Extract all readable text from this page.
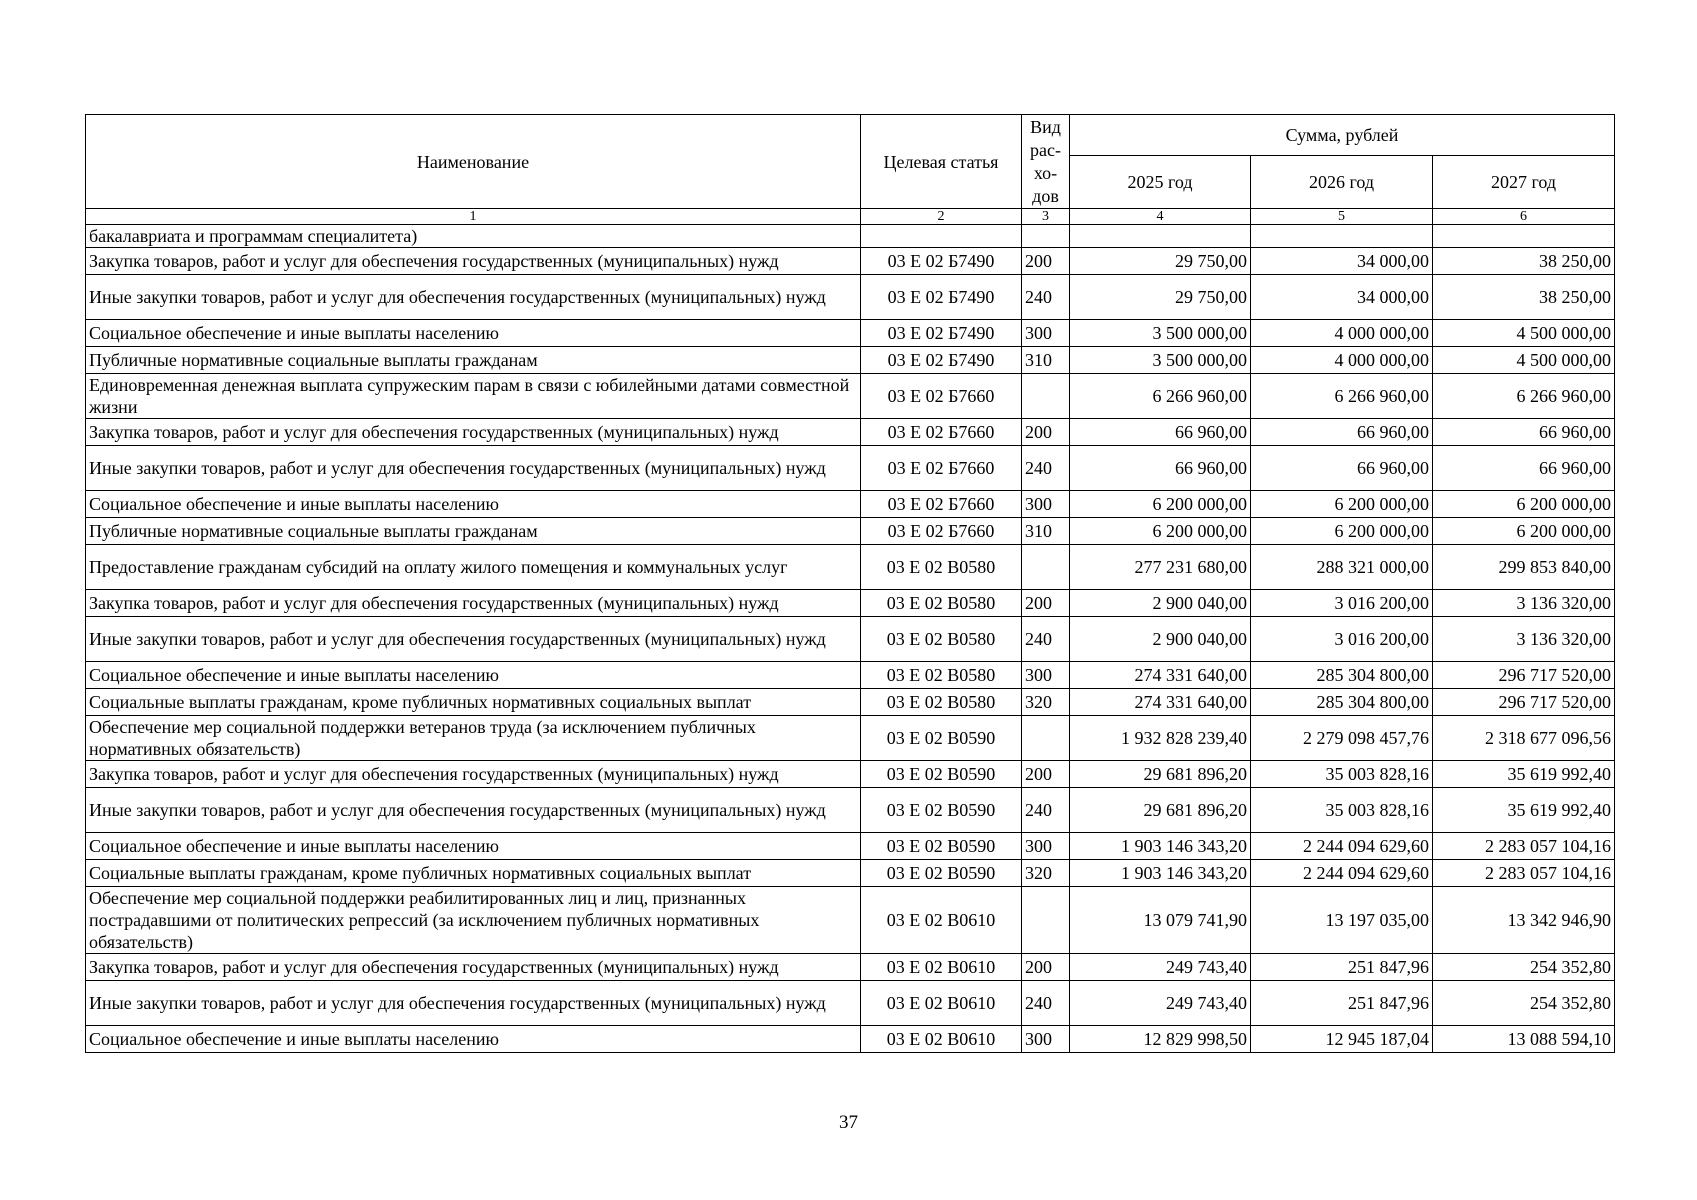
Наименование	Целевая статья	Вид рас- хо- дов	Сумма, рублей		
			2025 год	2026 год	2027 год
1	2	3	4	5	6
бакалавриата и программам специалитета)					
Закупка товаров, работ и услуг для обеспечения государственных (муниципальных) нужд	03 Е 02 Б7490	200	29 750,00	34 000,00	38 250,00
Иные закупки товаров, работ и услуг для обеспечения государственных (муниципальных) нужд	03 Е 02 Б7490	240	29 750,00	34 000,00	38 250,00
Социальное обеспечение и иные выплаты населению	03 Е 02 Б7490	300	3 500 000,00	4 000 000,00	4 500 000,00
Публичные нормативные социальные выплаты гражданам	03 Е 02 Б7490	310	3 500 000,00	4 000 000,00	4 500 000,00
Единовременная денежная выплата супружеским парам в связи с юбилейными датами совместной жизни	03 Е 02 Б7660		6 266 960,00	6 266 960,00	6 266 960,00
Закупка товаров, работ и услуг для обеспечения государственных (муниципальных) нужд	03 Е 02 Б7660	200	66 960,00	66 960,00	66 960,00
Иные закупки товаров, работ и услуг для обеспечения государственных (муниципальных) нужд	03 Е 02 Б7660	240	66 960,00	66 960,00	66 960,00
Социальное обеспечение и иные выплаты населению	03 Е 02 Б7660	300	6 200 000,00	6 200 000,00	6 200 000,00
Публичные нормативные социальные выплаты гражданам	03 Е 02 Б7660	310	6 200 000,00	6 200 000,00	6 200 000,00
Предоставление гражданам субсидий на оплату жилого помещения и коммунальных услуг	03 Е 02 В0580		277 231 680,00	288 321 000,00	299 853 840,00
Закупка товаров, работ и услуг для обеспечения государственных (муниципальных) нужд	03 Е 02 В0580	200	2 900 040,00	3 016 200,00	3 136 320,00
Иные закупки товаров, работ и услуг для обеспечения государственных (муниципальных) нужд	03 Е 02 В0580	240	2 900 040,00	3 016 200,00	3 136 320,00
Социальное обеспечение и иные выплаты населению	03 Е 02 В0580	300	274 331 640,00	285 304 800,00	296 717 520,00
Социальные выплаты гражданам, кроме публичных нормативных социальных выплат	03 Е 02 В0580	320	274 331 640,00	285 304 800,00	296 717 520,00
Обеспечение мер социальной поддержки ветеранов труда (за исключением публичных нормативных обязательств)	03 Е 02 В0590		1 932 828 239,40	2 279 098 457,76	2 318 677 096,56
Закупка товаров, работ и услуг для обеспечения государственных (муниципальных) нужд	03 Е 02 В0590	200	29 681 896,20	35 003 828,16	35 619 992,40
Иные закупки товаров, работ и услуг для обеспечения государственных (муниципальных) нужд	03 Е 02 В0590	240	29 681 896,20	35 003 828,16	35 619 992,40
Социальное обеспечение и иные выплаты населению	03 Е 02 В0590	300	1 903 146 343,20	2 244 094 629,60	2 283 057 104,16
Социальные выплаты гражданам, кроме публичных нормативных социальных выплат	03 Е 02 В0590	320	1 903 146 343,20	2 244 094 629,60	2 283 057 104,16
Обеспечение мер социальной поддержки реабилитированных лиц и лиц, признанных пострадавшими от политических репрессий (за исключением публичных нормативных обязательств)	03 Е 02 В0610		13 079 741,90	13 197 035,00	13 342 946,90
Закупка товаров, работ и услуг для обеспечения государственных (муниципальных) нужд	03 Е 02 В0610	200	249 743,40	251 847,96	254 352,80
Иные закупки товаров, работ и услуг для обеспечения государственных (муниципальных) нужд	03 Е 02 В0610	240	249 743,40	251 847,96	254 352,80
Социальное обеспечение и иные выплаты населению	03 Е 02 В0610	300	12 829 998,50	12 945 187,04	13 088 594,10
37
